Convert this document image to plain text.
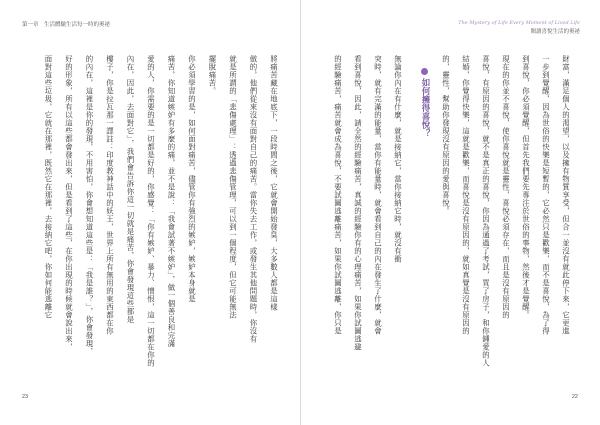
第一章　生活體驗生活每一時的奧祕
將痛苦藏在地底下，一段時間之後，它就會開始發臭，大多數人都是這樣
做的，他們從來沒有面對自己的痛苦。當你失去工作，或發生其他問題時，你沒有
就是所謂的「悲傷處理」：透過悲傷管理，可以到一個程度，但它可能無法
擺脫痛苦。
你必須學習的是，如何面對痛苦，儘管你有強烈的嫉妒，嫉妒本身就是
痛苦，你知道嫉妒有多麼的痛，並不是說：「我會試著不嫉妒」，做一個善良和完滿
愛的人，你需要的是一切都是好的，你感覺：「你有嫉妒、暴力、憎恨，這一切都在你的
內在，因此，去面對它」，我們會告訴你這一切就是痛苦，你會發現這些都是
樓子，你是拉瓦那一譯註：印度教神話中的妖王，世界上所有無用的東西都在你
的內在，這裡是你的發現，不用害怕，你會想知道這些是：「我是誰？」，你會發現，
好的形象，所有以這些都會發出來，但是看到了這些，在你出現的時候就會說出來，
面對這些垃圾，它就在那裡，既然它在那裡，去接納它吧，你如何能逃離它
23
The Mystery of Life Every Moment of Lived Life
閱讀喜悅生活的奧祕
財富，滿足個人的渴望，以及擁有物質享受，但合一並沒有就此停下來，它更進
一步到覺醒，因為世俗的快樂是短暫的，它必然只是歡樂，而不是喜悅，為了得
到喜悅，你必須覺醒，但首先我們要先專注於世俗的事物，然後才是覺醒。
現在的你並不喜悅，使你喜悅就是靈性，喜悅必須存在，而且是沒有原因的
喜悅，有原因的喜悅，就不是真正的喜悅，你因為通過了考試，買了房子，和你鍾愛的人
結婚，你覺得快樂，這就是歡樂，而喜悅是沒有原因的，就如真覺是沒有原因的
的，靈性，幫助你發現沒有原因的愛與喜悅。
無論你內在有什麼，就是接納它，當你接納它時，就沒有衝
突時，就有完滿的能量，當你有能量時，就會看到自己的內在發生了什麼，就會
看到喜悅，因此，請全然的經驗痛苦，真誠的經驗你有的心理痛苦，如果你試圖逃避
的經驗痛苦，痛苦就會成為喜悅，不要試圖逃離痛苦，如果你試圖逃離，你只是	如何擁得喜悅？
22
